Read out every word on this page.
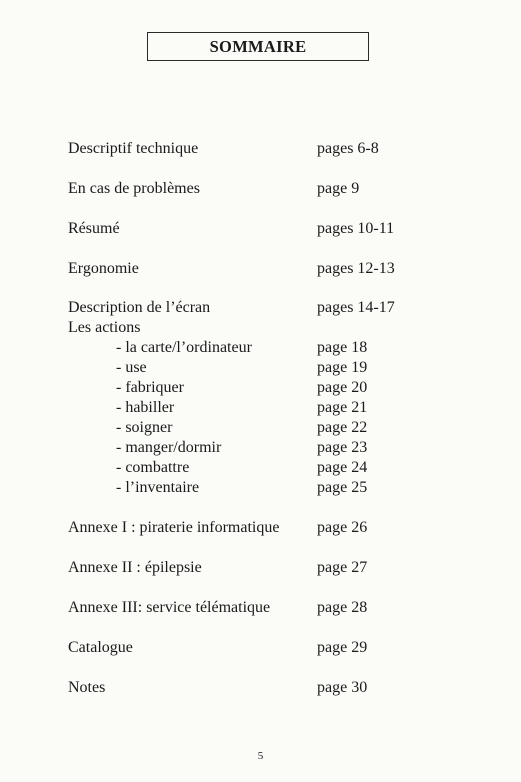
SOMMAIRE
Descriptif technique	pages 6-8
En cas de problèmes	page 9
Résumé	pages 10-11
Ergonomie	pages 12-13
Description de l’écran	pages 14-17
Les actions
- la carte/l’ordinateur	page 18
- use	page 19
- fabriquer	page 20
- habiller	page 21
- soigner	page 22
- manger/dormir	page 23
- combattre	page 24
- l’inventaire	page 25
Annexe I : piraterie informatique page 26
Annexe II : épilepsie	page 27
Annexe III: service télématique	page 28
Catalogue	page 29
Notes	page 30
5
